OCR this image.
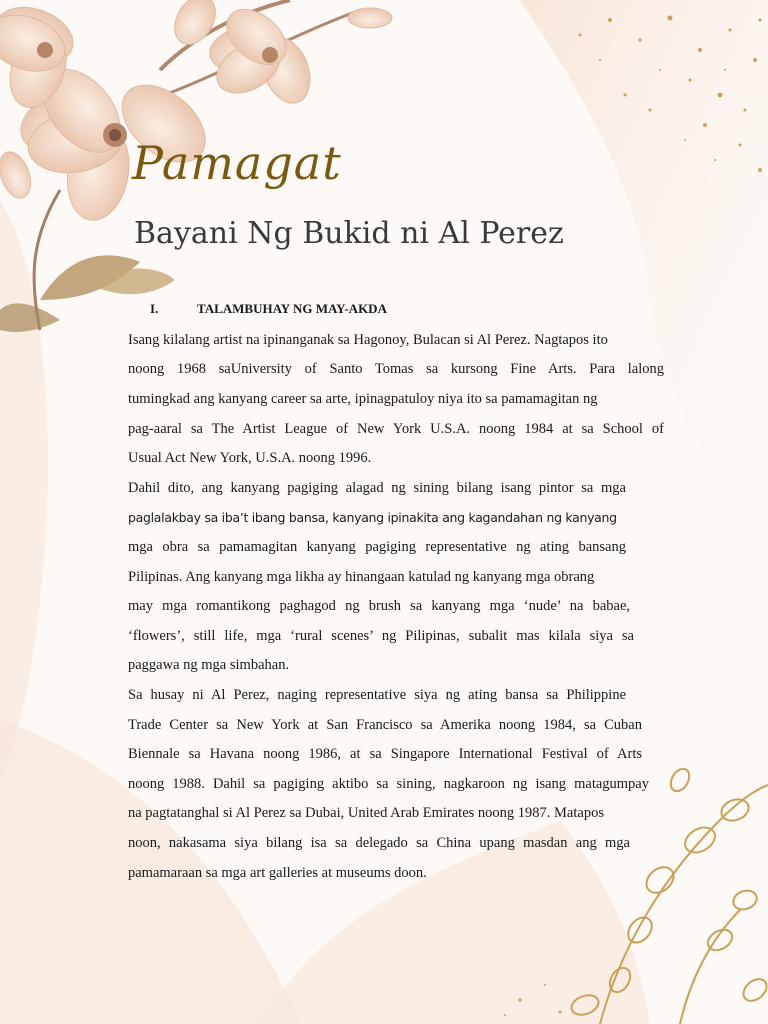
Pamagat
Bayani Ng Bukid ni Al Perez
I.	TALAMBUHAY NG MAY-AKDA
Isang kilalang artist na ipinanganak sa Hagonoy, Bulacan si Al Perez. Nagtapos ito
noong 1968 saUniversity of Santo Tomas sa kursong Fine Arts. Para lalong
tumingkad ang kanyang career sa arte, ipinagpatuloy niya ito sa pamamagitan ng
pag-aaral sa The Artist League of New York U.S.A. noong 1984 at sa School of
Usual Act New York, U.S.A. noong 1996.
Dahil dito, ang kanyang pagiging alagad ng sining bilang isang pintor sa mga
paglalakbay sa iba’t ibang bansa, kanyang ipinakita ang kagandahan ng kanyang
mga obra sa pamamagitan kanyang pagiging representative ng ating bansang
Pilipinas. Ang kanyang mga likha ay hinangaan katulad ng kanyang mga obrang
may mga romantikong paghagod ng brush sa kanyang mga ‘nude’ na babae,
‘flowers’, still life, mga ‘rural scenes’ ng Pilipinas, subalit mas kilala siya sa
paggawa ng mga simbahan.
Sa husay ni Al Perez, naging representative siya ng ating bansa sa Philippine
Trade Center sa New York at San Francisco sa Amerika noong 1984, sa Cuban
Biennale sa Havana noong 1986, at sa Singapore International Festival of Arts
noong 1988. Dahil sa pagiging aktibo sa sining, nagkaroon ng isang matagumpay
na pagtatanghal si Al Perez sa Dubai, United Arab Emirates noong 1987. Matapos
noon, nakasama siya bilang isa sa delegado sa China upang masdan ang mga
pamamaraan sa mga art galleries at museums doon.
